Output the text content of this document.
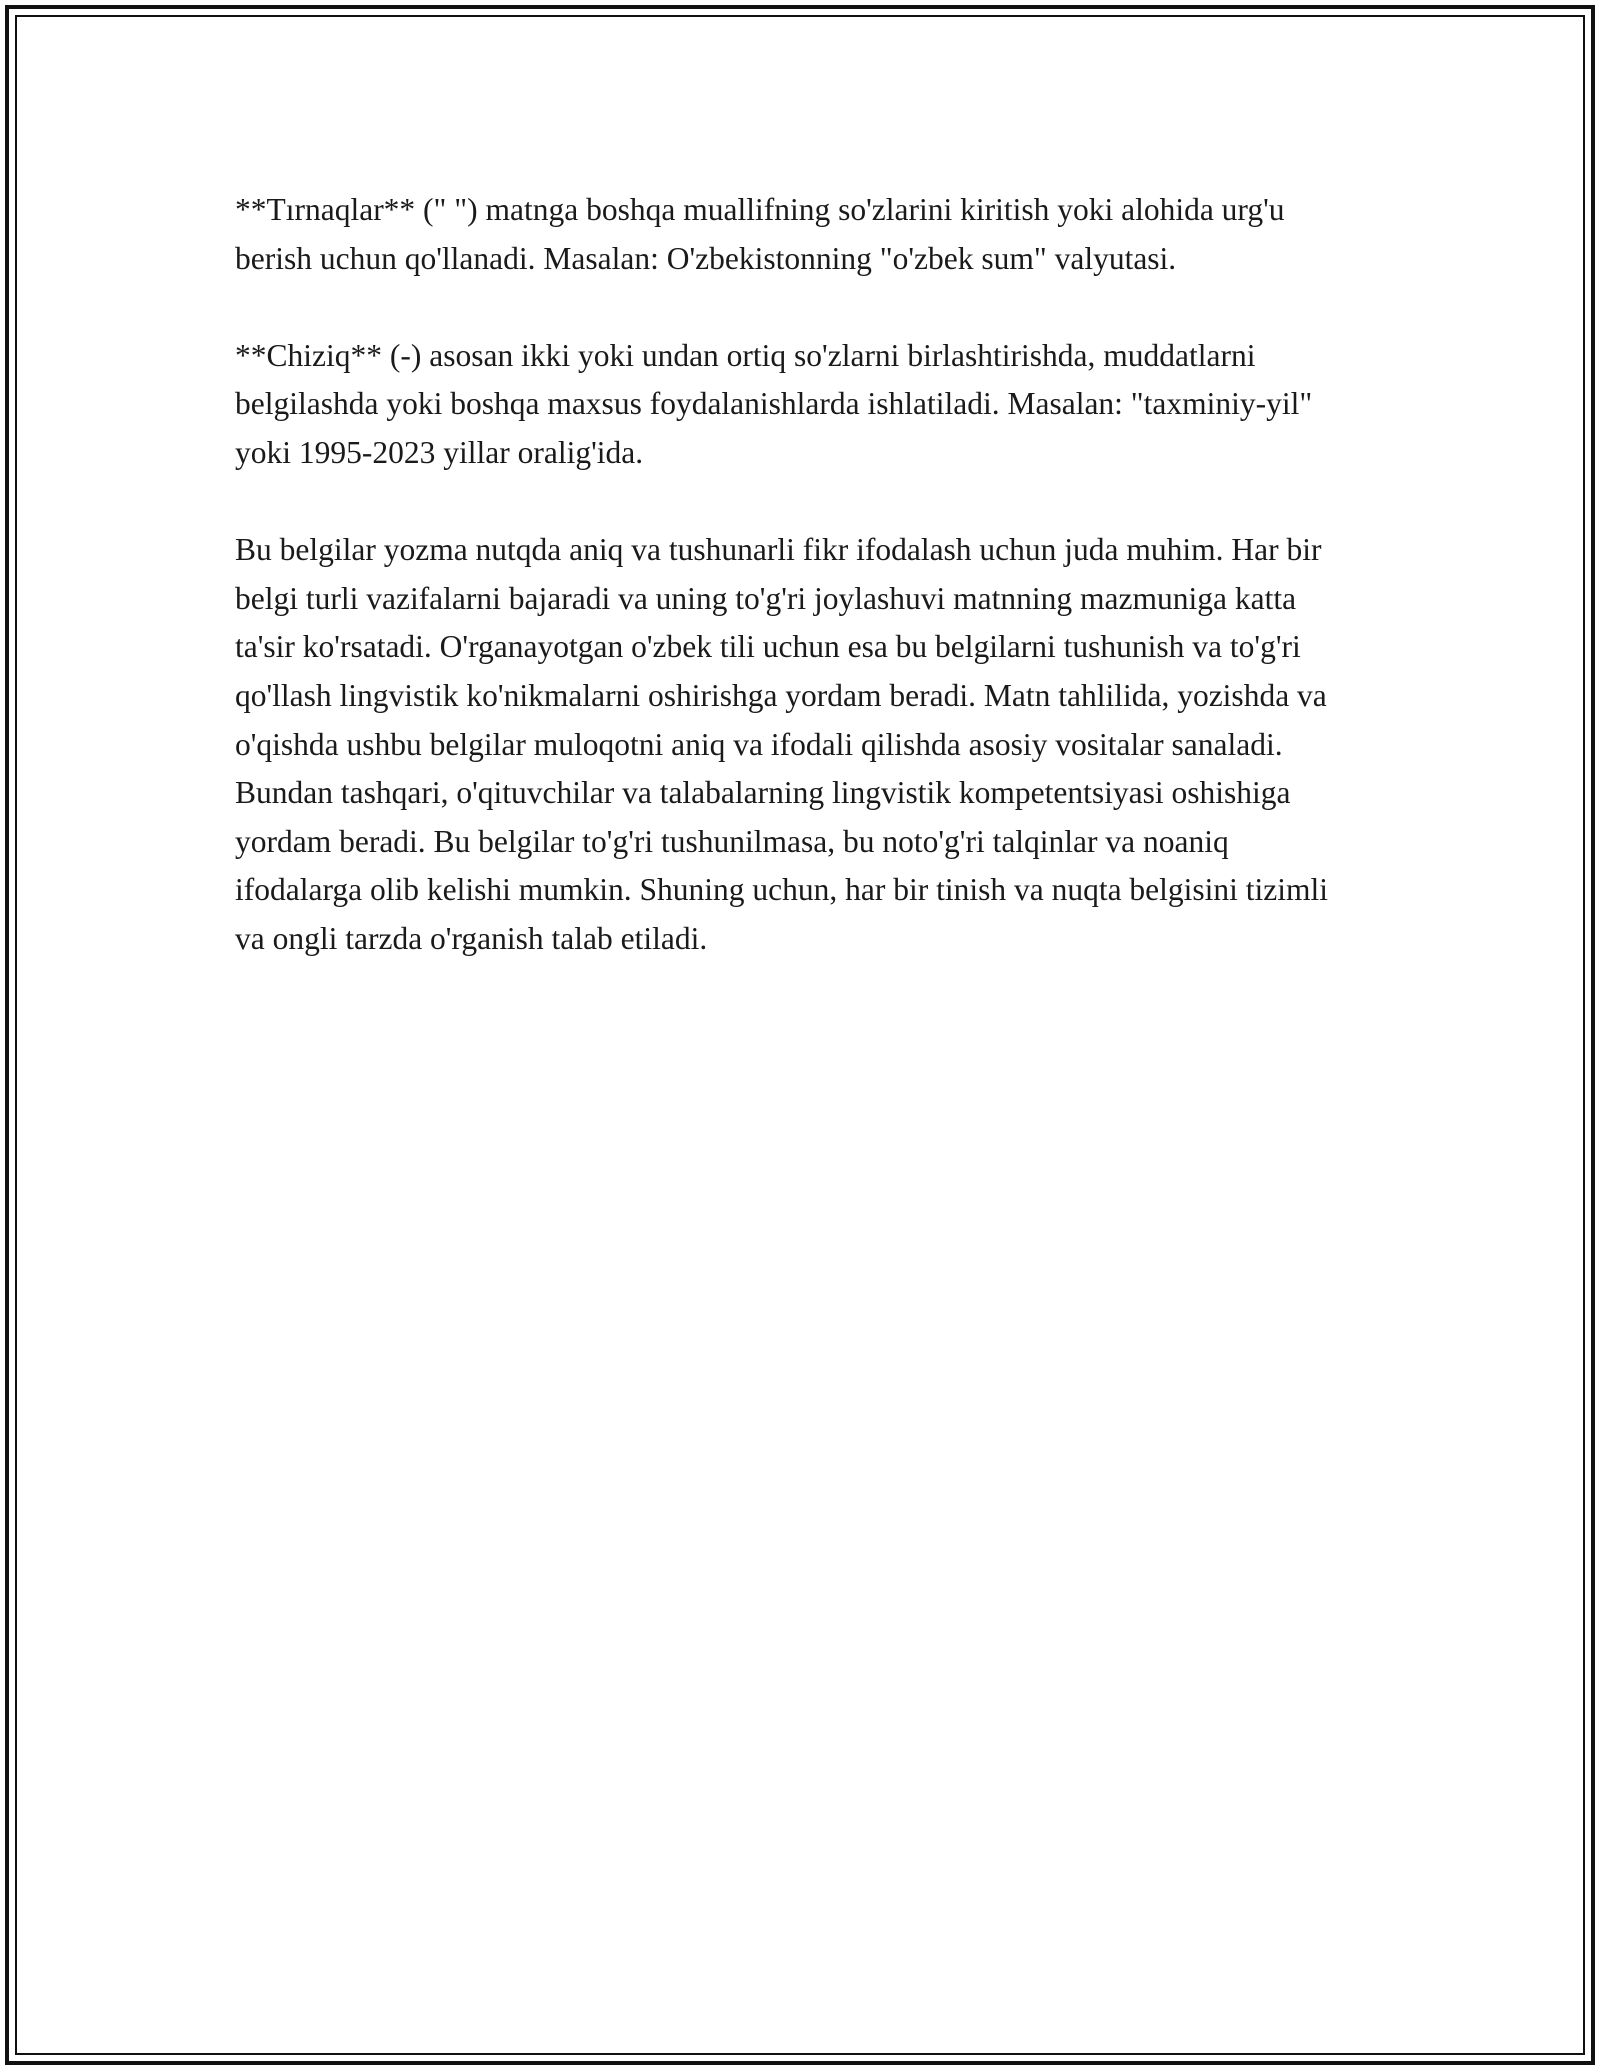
**Tırnaqlar** (" ") matnga boshqa muallifning so'zlarini kiritish yoki alohida urg'u berish uchun qo'llanadi. Masalan: O'zbekistonning "o'zbek sum" valyutasi.

**Chiziq** (-) asosan ikki yoki undan ortiq so'zlarni birlashtirishda, muddatlarni belgilashda yoki boshqa maxsus foydalanishlarda ishlatiladi. Masalan: "taxminiy-yil" yoki 1995-2023 yillar oralig'ida.

Bu belgilar yozma nutqda aniq va tushunarli fikr ifodalash uchun juda muhim. Har bir belgi turli vazifalarni bajaradi va uning to'g'ri joylashuvi matnning mazmuniga katta ta'sir ko'rsatadi. O'rganayotgan o'zbek tili uchun esa bu belgilarni tushunish va to'g'ri qo'llash lingvistik ko'nikmalarni oshirishga yordam beradi. Matn tahlilida, yozishda va o'qishda ushbu belgilar muloqotni aniq va ifodali qilishda asosiy vositalar sanaladi. Bundan tashqari, o'qituvchilar va talabalarning lingvistik kompetentsiyasi oshishiga yordam beradi. Bu belgilar to'g'ri tushunilmasa, bu noto'g'ri talqinlar va noaniq ifodalarga olib kelishi mumkin. Shuning uchun, har bir tinish va nuqta belgisini tizimli va ongli tarzda o'rganish talab etiladi.
